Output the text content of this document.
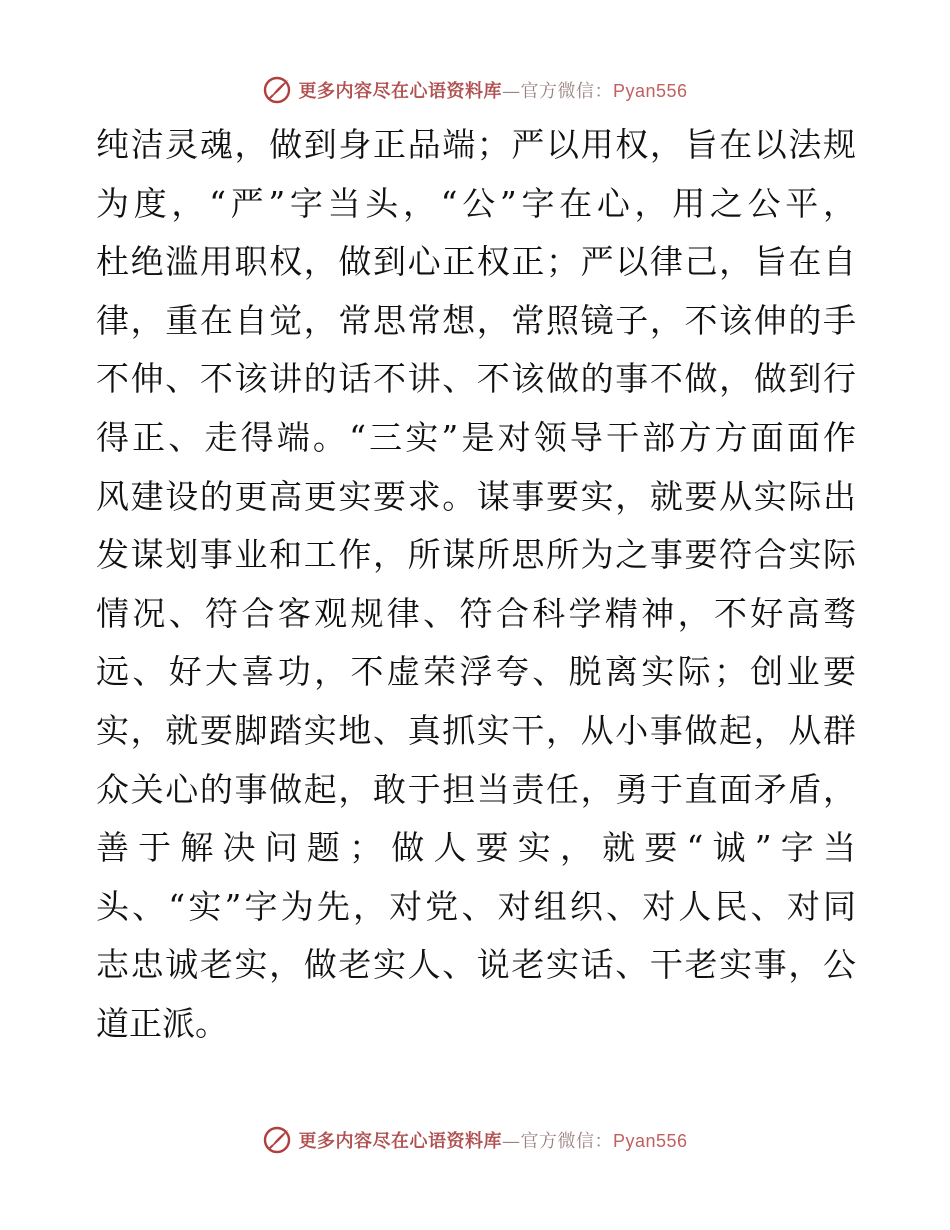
更多内容尽在心语资料库—官方微信：Pyan556
纯洁灵魂，做到身正品端；严以用权，旨在以法规
为度，“严”字当头，“公”字在心，用之公平，
杜绝滥用职权，做到心正权正；严以律己，旨在自
律，重在自觉，常思常想，常照镜子，不该伸的手
不伸、不该讲的话不讲、不该做的事不做，做到行
得正、走得端。“三实”是对领导干部方方面面作
风建设的更高更实要求。谋事要实，就要从实际出
发谋划事业和工作，所谋所思所为之事要符合实际
情况、符合客观规律、符合科学精神，不好高骛
远、好大喜功，不虚荣浮夸、脱离实际；创业要
实，就要脚踏实地、真抓实干，从小事做起，从群
众关心的事做起，敢于担当责任，勇于直面矛盾，
善于解决问题；做人要实，就要“诚”字当
头、“实”字为先，对党、对组织、对人民、对同
志忠诚老实，做老实人、说老实话、干老实事，公
道正派。
更多内容尽在心语资料库—官方微信：Pyan556
